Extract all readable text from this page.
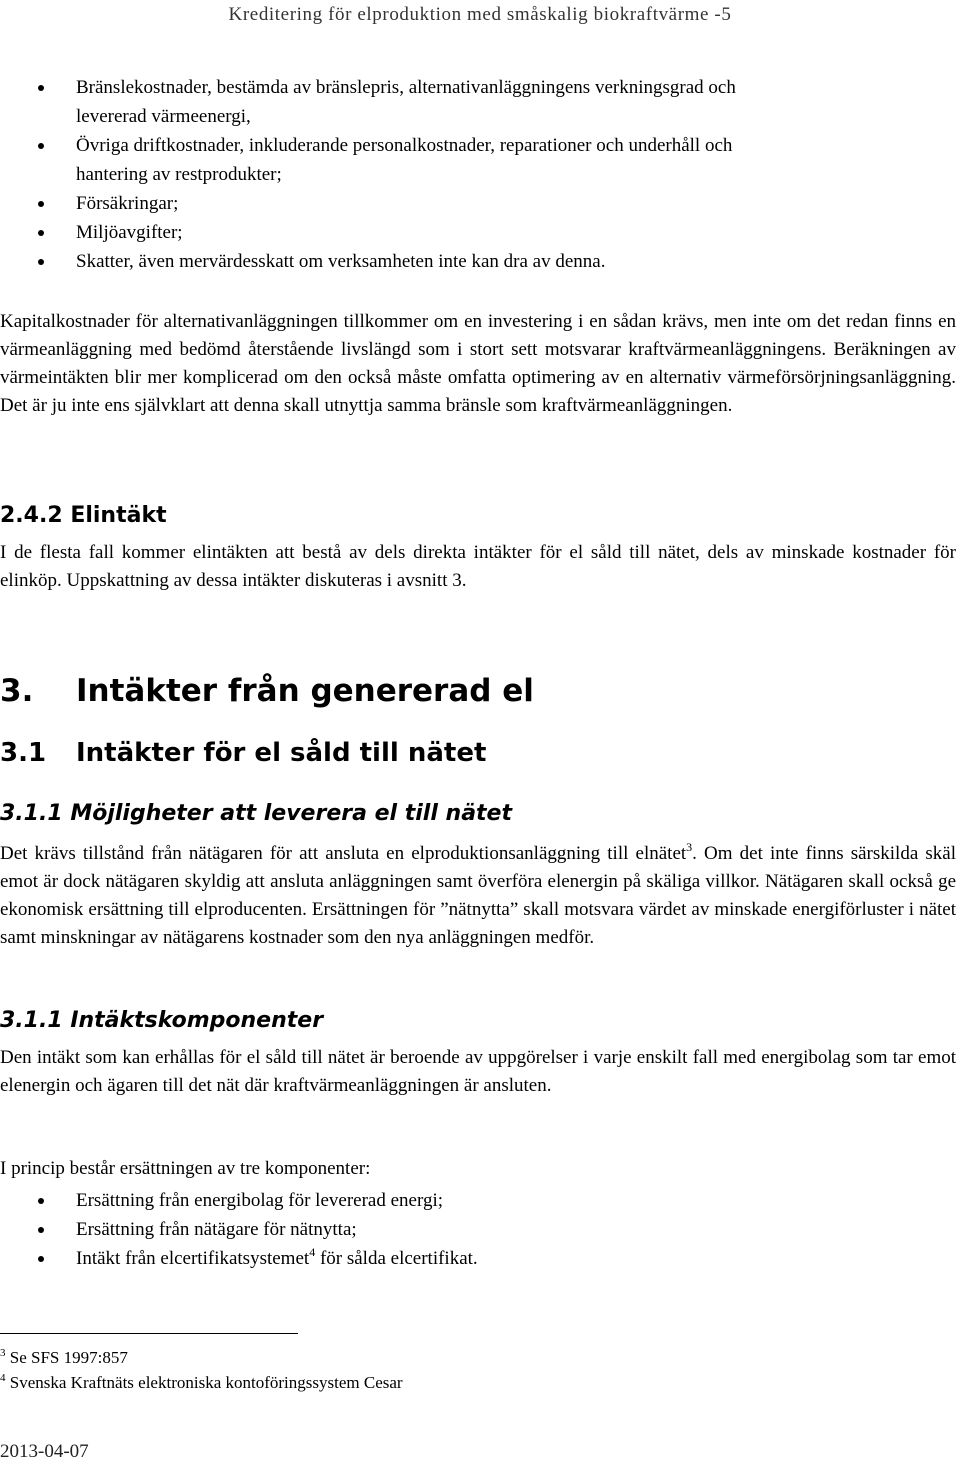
Kreditering för elproduktion med småskalig biokraftvärme -5
Bränslekostnader, bestämda av bränslepris, alternativanläggningens verkningsgrad och
levererad värmeenergi,
Övriga driftkostnader, inkluderande personalkostnader, reparationer och underhåll och
hantering av restprodukter;
Försäkringar;
Miljöavgifter;
Skatter, även mervärdesskatt om verksamheten inte kan dra av denna.

Kapitalkostnader för alternativanläggningen tillkommer om en investering i en sådan krävs, men inte om det redan finns en värmeanläggning med bedömd återstående livslängd som i stort sett motsvarar kraftvärmeanläggningens. Beräkningen av värmeintäkten blir mer komplicerad om den också måste omfatta optimering av en alternativ värmeförsörjningsanläggning. Det är ju inte ens självklart att denna skall utnyttja samma bränsle som kraftvärmeanläggningen.

2.4.2 Elintäkt

I de flesta fall kommer elintäkten att bestå av dels direkta intäkter för el såld till nätet, dels av minskade kostnader för elinköp. Uppskattning av dessa intäkter diskuteras i avsnitt 3.

3. Intäkter från genererad el
3.1 Intäkter för el såld till nätet
3.1.1 Möjligheter att leverera el till nätet

Det krävs tillstånd från nätägaren för att ansluta en elproduktionsanläggning till elnätet$^3$. Om det inte finns särskilda skäl emot är dock nätägaren skyldig att ansluta anläggningen samt överföra elenergin på skäliga villkor. Nätägaren skall också ge ekonomisk ersättning till elproducenten. Ersättningen för ”nätnytta” skall motsvara värdet av minskade energiförluster i nätet samt minskningar av nätägarens kostnader som den nya anläggningen medför.

3.1.1 Intäktskomponenter

Den intäkt som kan erhållas för el såld till nätet är beroende av uppgörelser i varje enskilt fall med energibolag som tar emot elenergin och ägaren till det nät där kraftvärmeanläggningen är ansluten.

I princip består ersättningen av tre komponenter:

Ersättning från energibolag för levererad energi;
Ersättning från nätägare för nätnytta;
Intäkt från elcertifikatsystemet$^4$ för sålda elcertifikat.
$^3$ Se SFS 1997:857
$^4$ Svenska Kraftnäts elektroniska kontoföringssystem Cesar
2013-04-07
